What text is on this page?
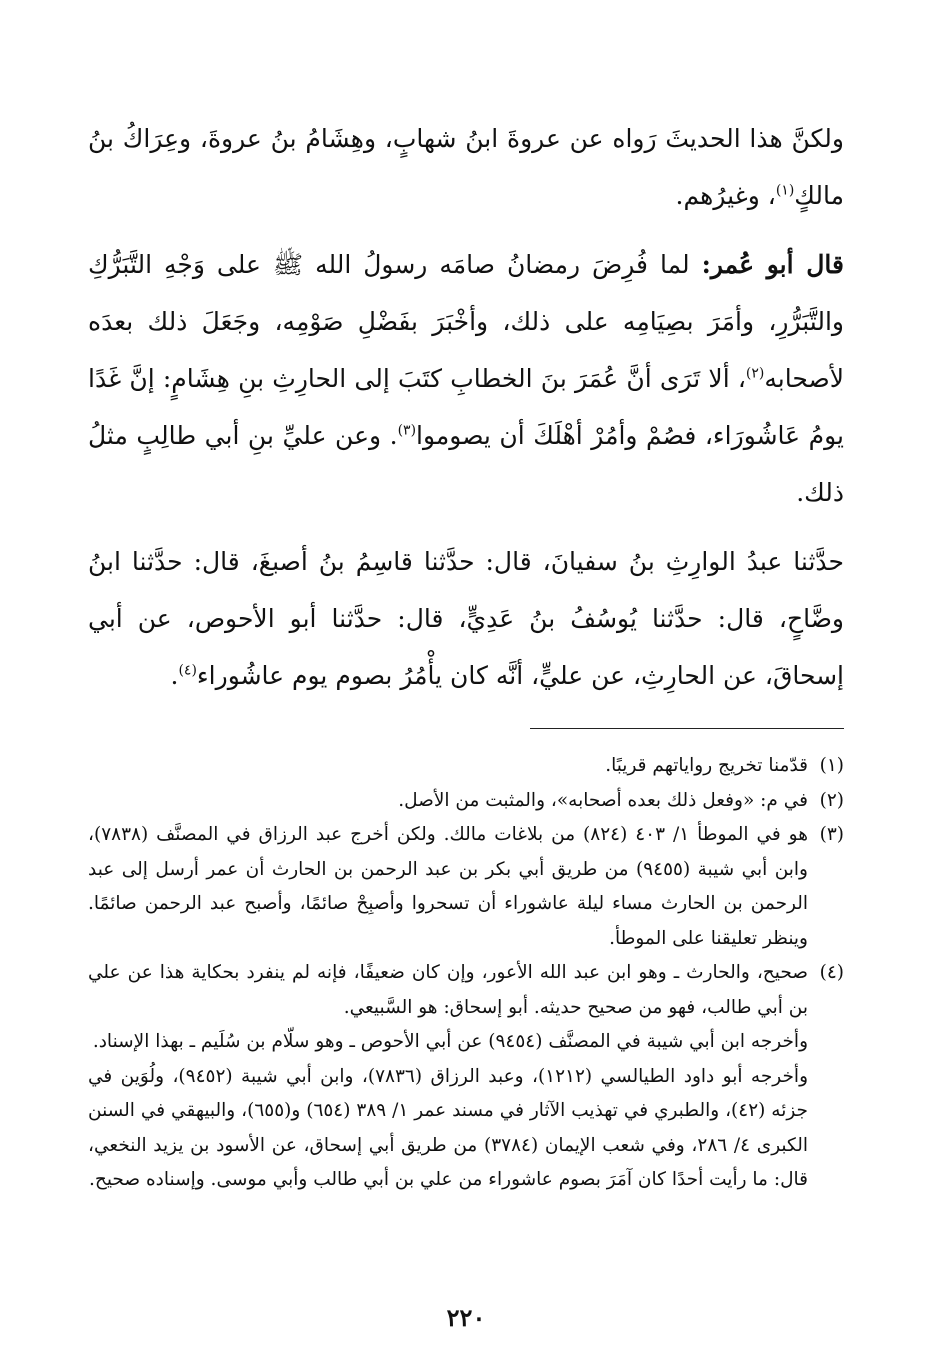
ولكنَّ هذا الحديثَ رَواه عن عروةَ ابنُ شهابٍ، وهِشَامُ بنُ عروةَ، وعِرَاكُ بنُ مالكٍ$^{(١)}$، وغيرُهم.

قال أبو عُمر: لما فُرِضَ رمضانُ صامَه رسولُ الله ﷺ على وَجْهِ التَّبَرُّكِ والتَّبَرُّرِ، وأمَرَ بصِيَامِه على ذلك، وأخْبَرَ بفَضْلِ صَوْمِه، وجَعَلَ ذلك بعدَه لأصحابه$^{(٢)}$، ألا تَرَى أنَّ عُمَرَ بنَ الخطابِ كتَبَ إلى الحارِثِ بنِ هِشَامٍ: إنَّ غَدًا يومُ عَاشُورَاء، فصُمْ وأمُرْ أهْلَكَ أن يصوموا$^{(٣)}$. وعن عليِّ بنِ أبي طالِبٍ مثلُ ذلك.

حدَّثنا عبدُ الوارِثِ بنُ سفيانَ، قال: حدَّثنا قاسِمُ بنُ أصبغَ، قال: حدَّثنا ابنُ وضَّاحٍ، قال: حدَّثنا يُوسُفُ بنُ عَدِيٍّ، قال: حدَّثنا أبو الأحوص، عن أبي إسحاقَ، عن الحارِثِ، عن عليٍّ، أنَّه كان يأْمُرُ بصوم يوم عاشُوراء$^{(٤)}$.

(١)
قدّمنا تخريج رواياتهم قريبًا.

(٢)
في م: «وفعل ذلك بعده أصحابه»، والمثبت من الأصل.

(٣)
هو في الموطأ ١/ ٤٠٣ (٨٢٤) من بلاغات مالك. ولكن أخرج عبد الرزاق في المصنَّف (٧٨٣٨)، وابن أبي شيبة (٩٤٥٥) من طريق أبي بكر بن عبد الرحمن بن الحارث أن عمر أرسل إلى عبد الرحمن بن الحارث مساء ليلة عاشوراء أن تسحروا وأصبِحْ صائمًا، وأصبح عبد الرحمن صائمًا. وينظر تعليقنا على الموطأ.

(٤)
صحيح، والحارث ـ وهو ابن عبد الله الأعور، وإن كان ضعيفًا، فإنه لم ينفرد بحكاية هذا عن علي بن أبي طالب، فهو من صحيح حديثه. أبو إسحاق: هو السَّبيعي.

وأخرجه ابن أبي شيبة في المصنَّف (٩٤٥٤) عن أبي الأحوص ـ وهو سلّام بن سُلَيم ـ بهذا الإسناد.

وأخرجه أبو داود الطيالسي (١٢١٢)، وعبد الرزاق (٧٨٣٦)، وابن أبي شيبة (٩٤٥٢)، ولُوَين في جزئه (٤٢)، والطبري في تهذيب الآثار في مسند عمر ١/ ٣٨٩ (٦٥٤) و(٦٥٥)، والبيهقي في السنن الكبرى ٤/ ٢٨٦، وفي شعب الإيمان (٣٧٨٤) من طريق أبي إسحاق، عن الأسود بن يزيد النخعي، قال: ما رأيت أحدًا كان آمَرَ بصوم عاشوراء من علي بن أبي طالب وأبي موسى. وإسناده صحيح.

٢٢٠
